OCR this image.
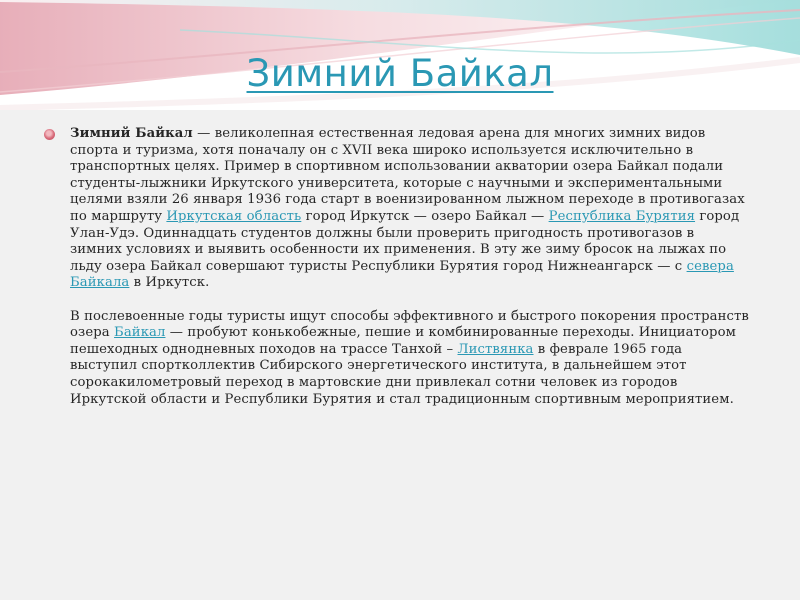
Зимний Байкал

Зимний Байкал — великолепная естественная ледовая арена для многих зимних видов спорта и туризма, хотя поначалу он с XVII века широко используется исключительно в транспортных целях. Пример в спортивном использовании акватории озера Байкал подали студенты-лыжники Иркутского университета, которые с научными и экспериментальными целями взяли 26 января 1936 года старт в военизированном лыжном переходе в противогазах по маршруту Иркутская область город Иркутск — озеро Байкал — Республика Бурятия город Улан-Удэ. Одиннадцать студентов должны были проверить пригодность противогазов в зимних условиях и выявить особенности их применения. В эту же зиму бросок на лыжах по льду озера Байкал совершают туристы Республики Бурятия город Нижнеангарск — с севера Байкала в Иркутск.

В послевоенные годы туристы ищут способы эффективного и быстрого покорения пространств озера Байкал — пробуют конькобежные, пешие и комбинированные переходы. Инициатором пешеходных однодневных походов на трассе Танхой – Листвянка в феврале 1965 года выступил спортколлектив Сибирского энергетического института, в дальнейшем этот сорокакилометровый переход в мартовские дни привлекал сотни человек из городов Иркутской области и Республики Бурятия и стал традиционным спортивным мероприятием.
